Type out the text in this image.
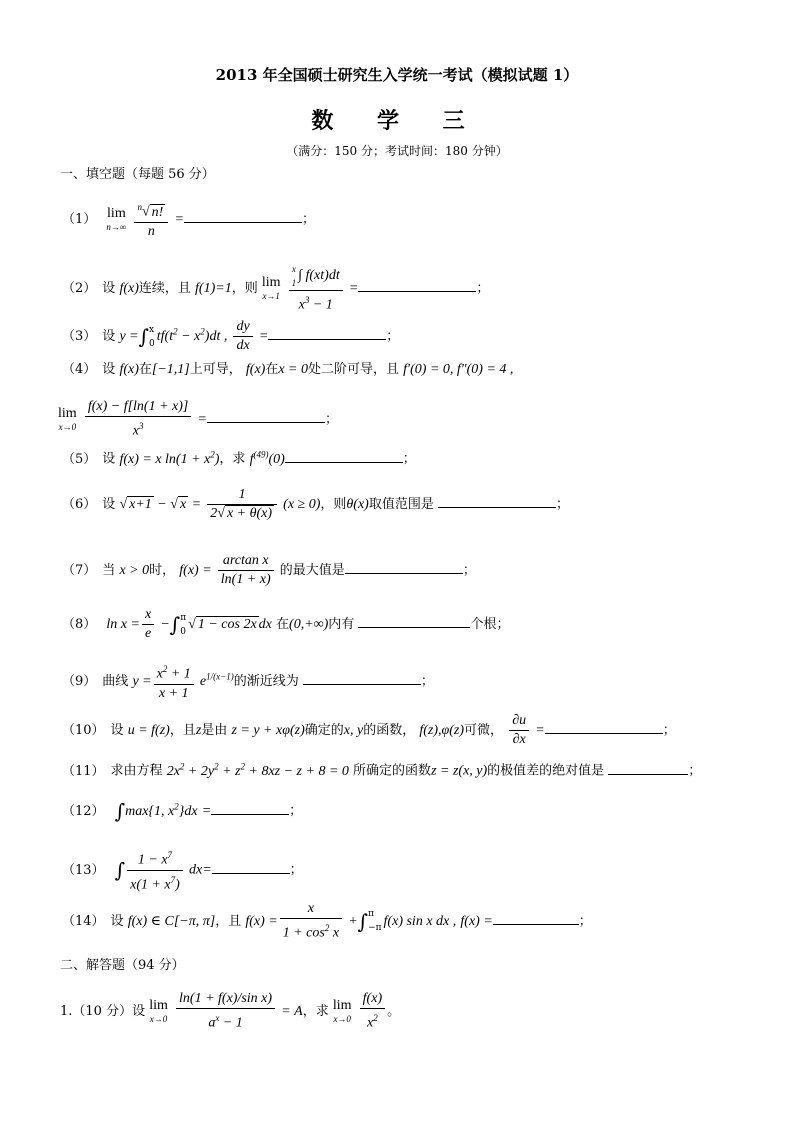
2013 年全国硕士研究生入学统一考试（模拟试题 1）
数 学 三
（满分：150 分；考试时间：180 分钟）
一、填空题（每题 56 分）
（1） lim
n→∞
$\frac{^n√ n!}{n}$ =	；
（2） 设 f(x)连续，且 f(1)=1，则 lim
x→1
x
1 ∫ f(xt)dt
$x^3 - 1$ =	；
（3） 设 y =∫ x
0 $tf(t^2 - x^2)dt$ , $\frac{dy}{dx}$ =	；
（4） 设 f(x)在[−1,1]上可导， f(x)在x = 0处二阶可导，且 f′(0) = 0, f″(0) = 4 ,
lim
x→0
$\frac{f(x) - f[\ln(1 + x)]}{x^3}$ =	；
（5） 设 f(x) = x $\ln(1 + x^2)$，求 $f^{(49)}(0)$	；
（6） 设 √ x+1 − √ $x = \frac{1}{2√ x + \theta(x)} (x \ge 0)$，则θ(x)取值范围是	；
（7） 当 x > 0时， $f(x) = \frac{\text{arctan x}}{\ln(1 + x)}$ 的最大值是	；
（8） $\ln x = \frac{x}{e}$ −∫ π
0 √ 1 − cos 2x dx 在(0,+∞)内有	个根；
（9） 曲线 $y = \frac{x^2 + 1}{x + 1} e^{1/(x-1)}$的渐近线为	；
（10） 设 u = f(z)，且z是由 z = y + xφ(z)确定的x, y的函数， f(z),φ(z)可微， $\frac{\partial u}{\partial x}$ =	；
（11） 求由方程 $2x^2 + 2y^2 + z^2 + 8xz - z + 8 = 0$ 所确定的函数z = z(x, y)的极值差的绝对值是	；
（12） ∫max{1, $x^2\}dx$ =	；
（13） ∫ $\frac{1 - x^7}{x(1 + x^7)} dx=$	；
（14） 设 f(x) ∈ C[−π, π]，且 $f(x) = \frac{x}{1 + \cos^2 x}$ +∫ π
−π f(x) sin x dx , f(x) =	；
二、解答题（94 分）
1.（10 分）设 lim
x→0
$\frac{\text{ln(1 + f(x)/sin x)}}{a^x - 1} = A$，求 lim
x→0
$\frac{f(x)}{x^2}$ 。
